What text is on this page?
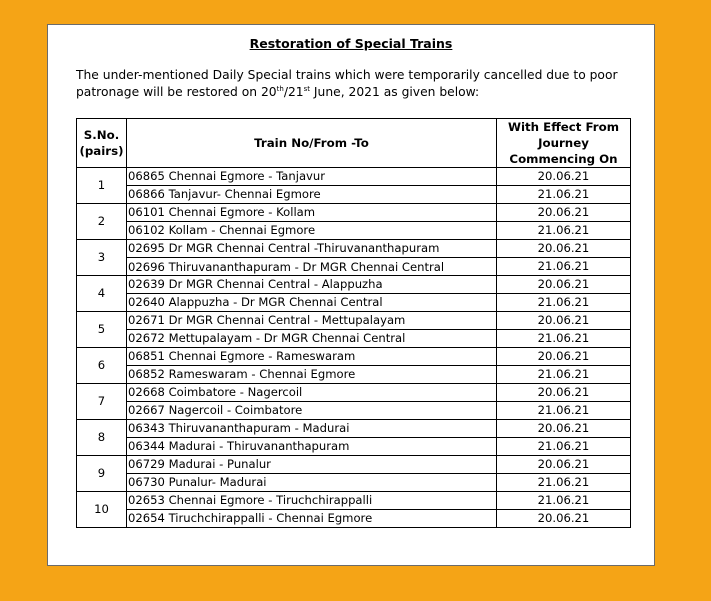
Restoration of Special Trains
The under-mentioned Daily Special trains which were temporarily cancelled due to poor patronage will be restored on 20th/21st June, 2021 as given below:
S.No. (pairs)	Train No/From -To	With Effect From Journey Commencing On
1	06865 Chennai Egmore - Tanjavur	20.06.21
	06866 Tanjavur- Chennai Egmore	21.06.21
2	06101 Chennai Egmore - Kollam	20.06.21
	06102 Kollam - Chennai Egmore	21.06.21
3	02695 Dr MGR Chennai Central -Thiruvananthapuram	20.06.21
	02696 Thiruvananthapuram - Dr MGR Chennai Central	21.06.21
4	02639 Dr MGR Chennai Central - Alappuzha	20.06.21
	02640 Alappuzha - Dr MGR Chennai Central	21.06.21
5	02671 Dr MGR Chennai Central - Mettupalayam	20.06.21
	02672 Mettupalayam - Dr MGR Chennai Central	21.06.21
6	06851 Chennai Egmore - Rameswaram	20.06.21
	06852 Rameswaram - Chennai Egmore	21.06.21
7	02668 Coimbatore - Nagercoil	20.06.21
	02667 Nagercoil - Coimbatore	21.06.21
8	06343 Thiruvananthapuram - Madurai	20.06.21
	06344 Madurai - Thiruvananthapuram	21.06.21
9	06729 Madurai - Punalur	20.06.21
	06730 Punalur- Madurai	21.06.21
10	02653 Chennai Egmore - Tiruchchirappalli	21.06.21
	02654 Tiruchchirappalli - Chennai Egmore	20.06.21
